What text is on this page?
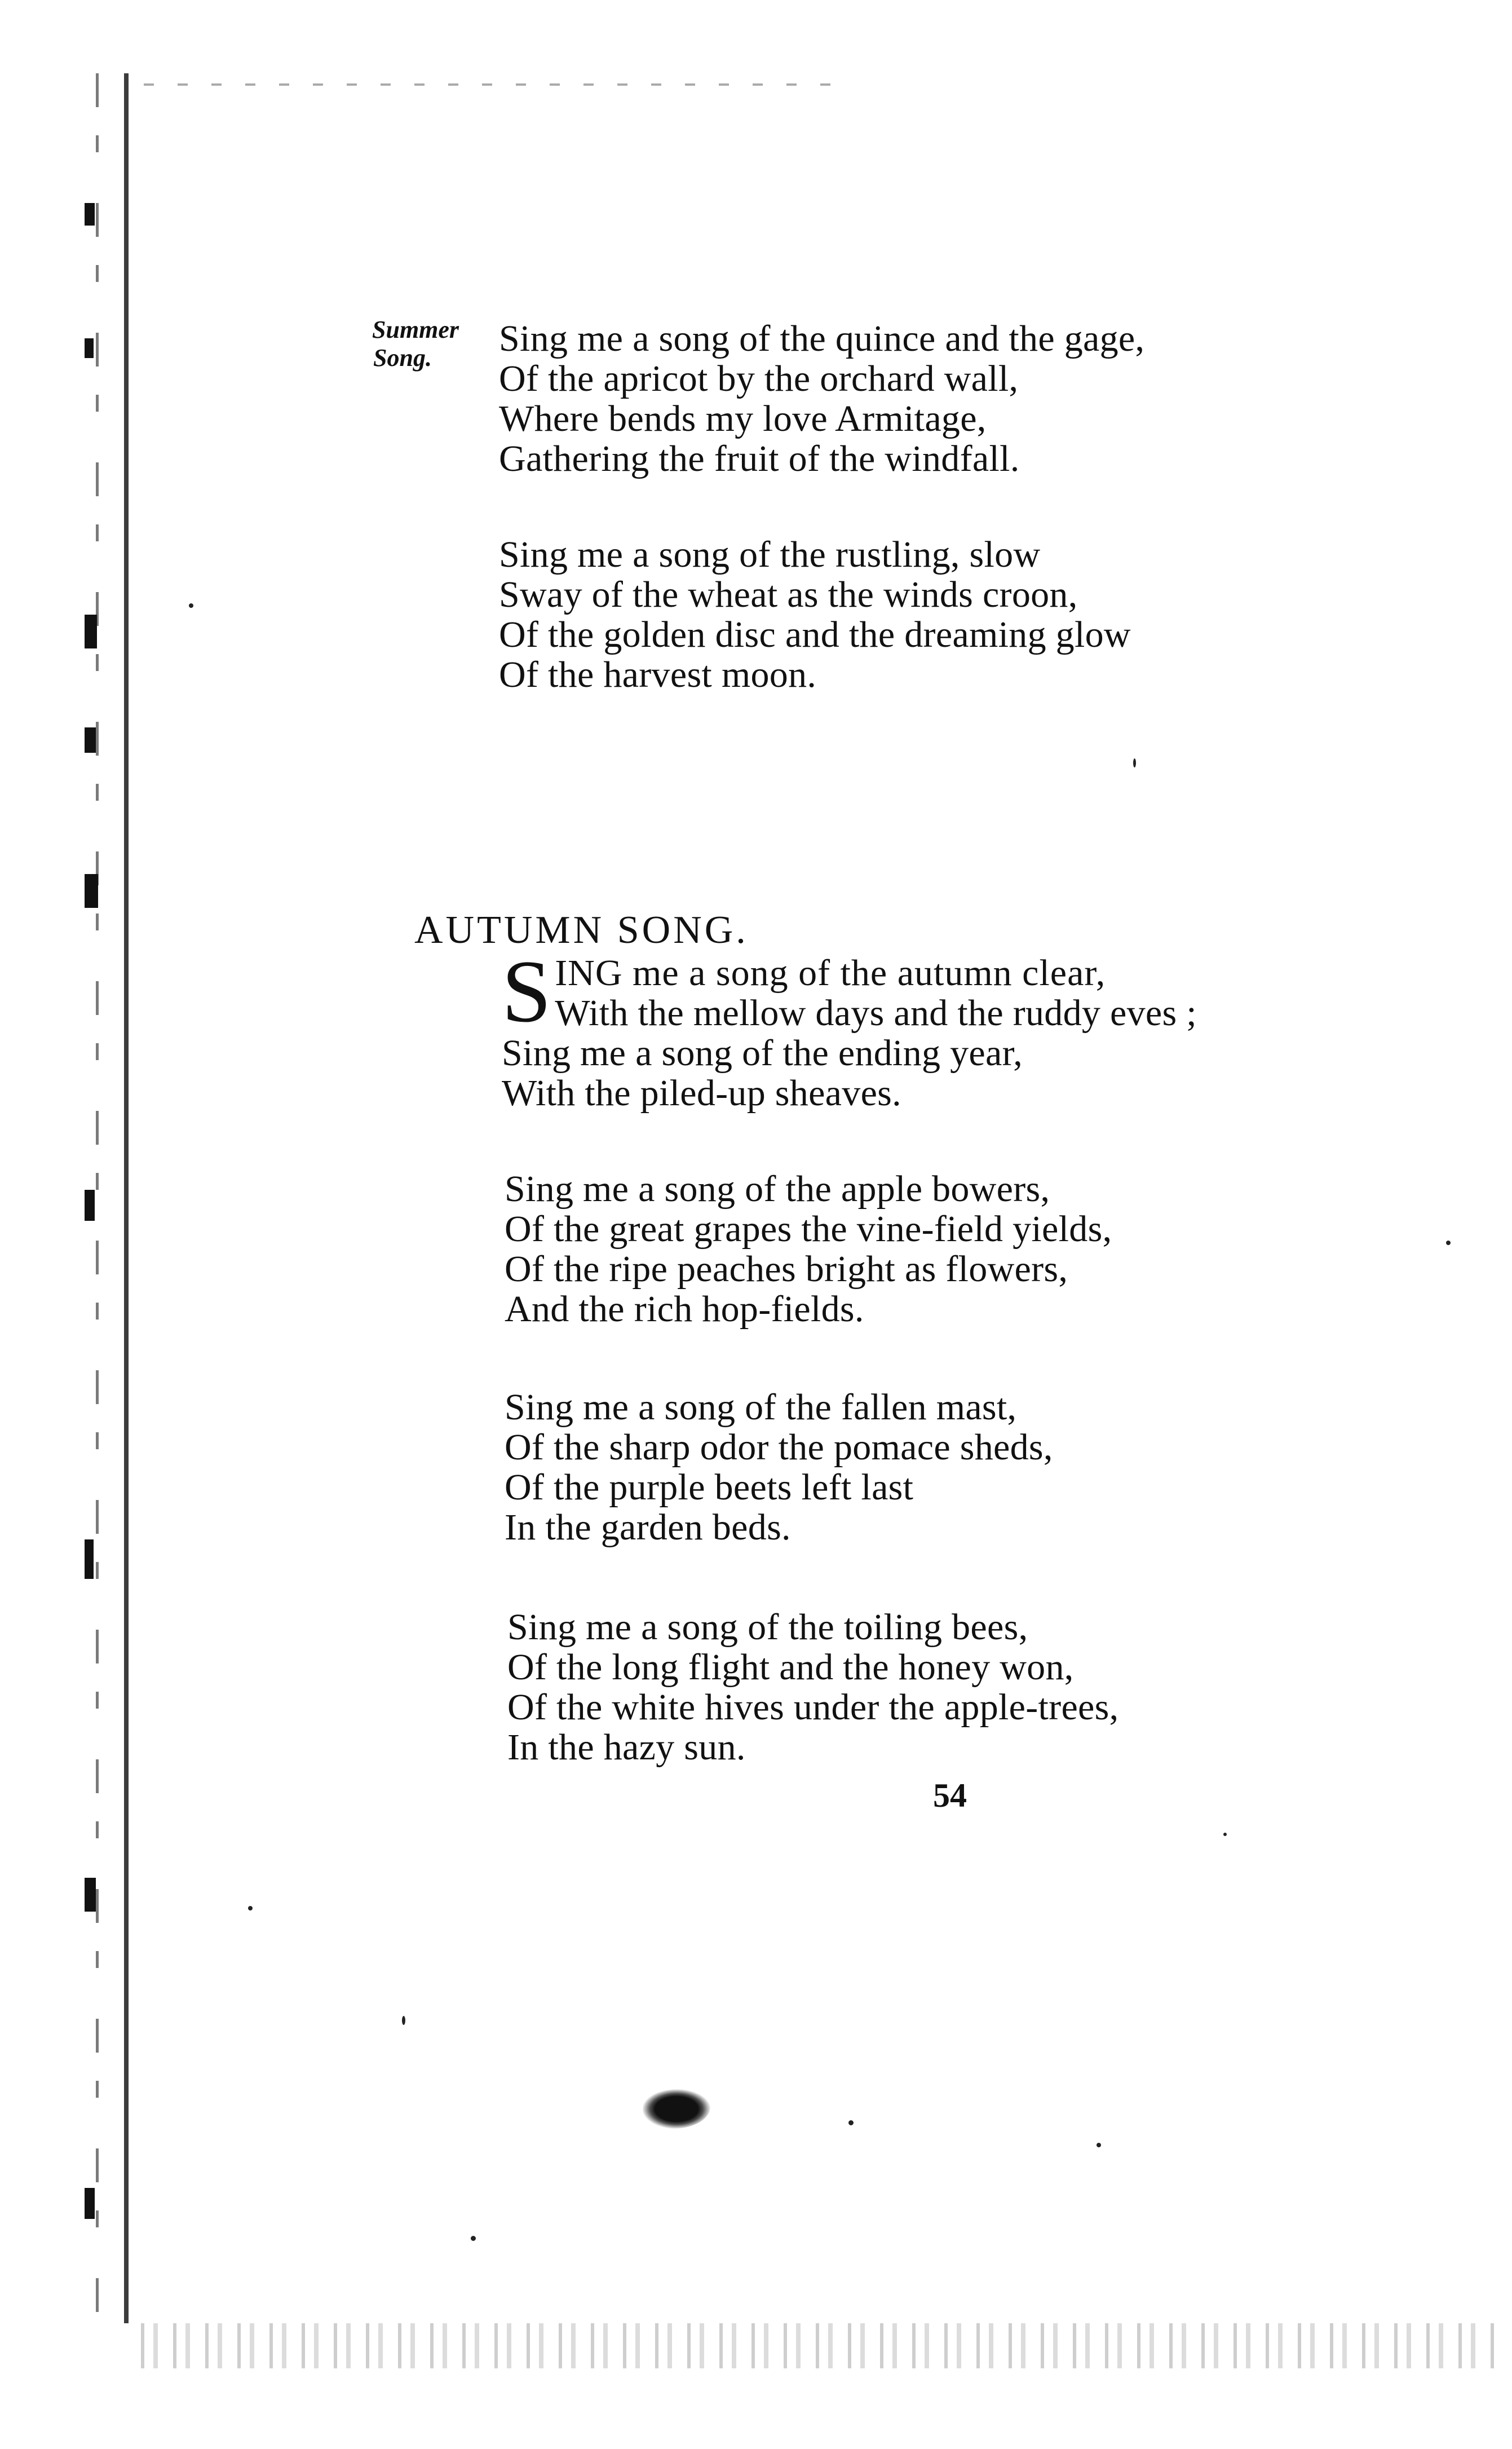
Summer
Song.	Sing me a song of the quince and the gage,
Of the apricot by the orchard wall,
Where bends my love Armitage,
Gathering the fruit of the windfall.
Sing me a song of the rustling, slow
Sway of the wheat as the winds croon,
Of the golden disc and the dreaming glow
Of the harvest moon.
AUTUMN SONG.
S ING me a song of the autumn clear,
With the mellow days and the ruddy eves ;
Sing me a song of the ending year,
With the piled-up sheaves.
Sing me a song of the apple bowers,
Of the great grapes the vine-field yields,
Of the ripe peaches bright as flowers,
And the rich hop-fields.
Sing me a song of the fallen mast,
Of the sharp odor the pomace sheds,
Of the purple beets left last
In the garden beds.
Sing me a song of the toiling bees,
Of the long flight and the honey won,
Of the white hives under the apple-trees,
In the hazy sun.
54
